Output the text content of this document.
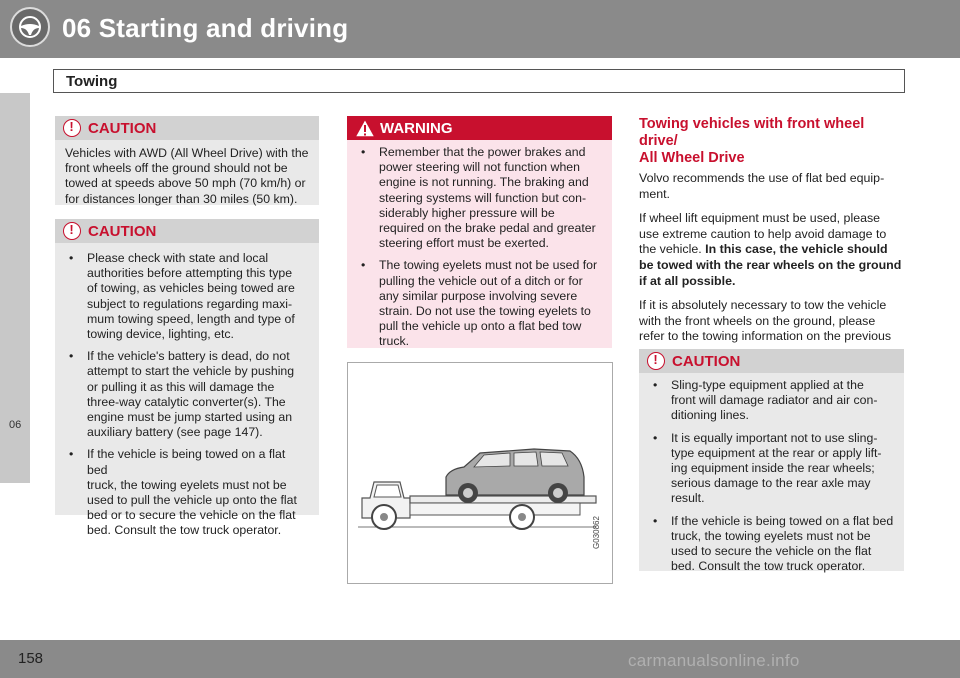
06 Starting and driving
Towing
06
!
CAUTION

Vehicles with AWD (All Wheel Drive) with the

front wheels off the ground should not be

towed at speeds above 50 mph (70 km/h) or

for distances longer than 30 miles (50 km).

!
CAUTION
• Please check with state and local

authorities before attempting this type

of towing, as vehicles being towed are

subject to regulations regarding maxi-

mum towing speed, length and type of

towing device, lighting, etc.

• If the vehicle's battery is dead, do not

attempt to start the vehicle by pushing

or pulling it as this will damage the

three-way catalytic converter(s). The

engine must be jump started using an

auxiliary battery (see page 147).

• If the vehicle is being towed on a flat bed

truck, the towing eyelets must not be

used to pull the vehicle up onto the flat

bed or to secure the vehicle on the flat

bed. Consult the tow truck operator.

WARNING
• Remember that the power brakes and

power steering will not function when

engine is not running. The braking and

steering systems will function but con-

siderably higher pressure will be

required on the brake pedal and greater

steering effort must be exerted.

• The towing eyelets must not be used for

pulling the vehicle out of a ditch or for

any similar purpose involving severe

strain. Do not use the towing eyelets to

pull the vehicle up onto a flat bed tow

truck.

G030862
Towing vehicles with front wheel drive/
All Wheel Drive

Volvo recommends the use of flat bed equip-
ment.

If wheel lift equipment must be used, please
use extreme caution to help avoid damage to
the vehicle. In this case, the vehicle should
be towed with the rear wheels on the ground
if at all possible.

If it is absolutely necessary to tow the vehicle
with the front wheels on the ground, please
refer to the towing information on the previous

!
CAUTION
• Sling-type equipment applied at the

front will damage radiator and air con-

ditioning lines.

• It is equally important not to use sling-

type equipment at the rear or apply lift-

ing equipment inside the rear wheels;

serious damage to the rear axle may

result.

• If the vehicle is being towed on a flat bed

truck, the towing eyelets must not be

used to secure the vehicle on the flat

bed. Consult the tow truck operator.

158	carmanualsonline.info
